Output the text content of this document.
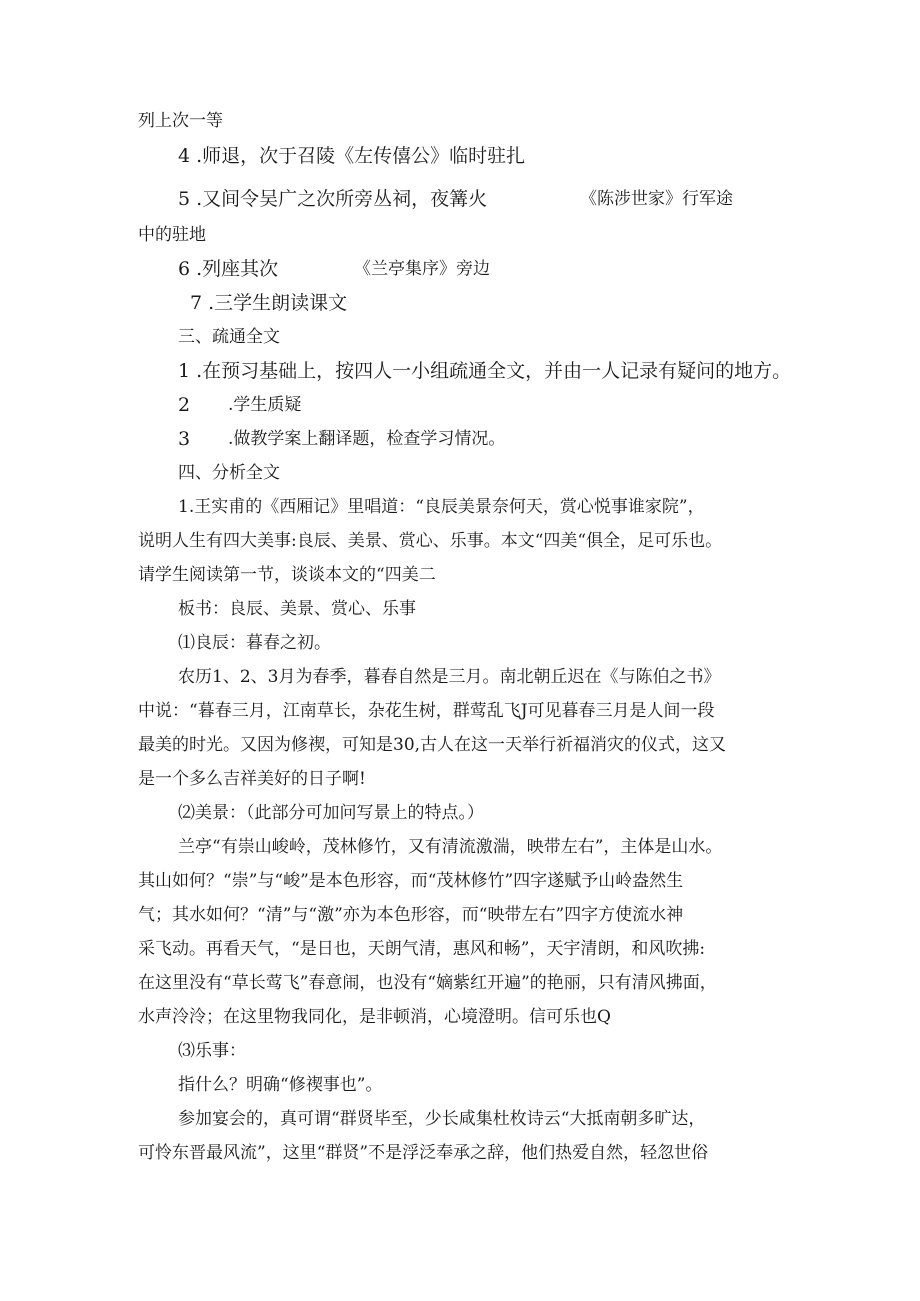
列上次一等
4 .师退，次于召陵《左传僖公》临时驻扎
5 .又间令吴广之次所旁丛祠，夜篝火	《陈涉世家》行军途
中的驻地
6 .列座其次	《兰亭集序》旁边
7 .三学生朗读课文
三、疏通全文
1 .在预习基础上，按四人一小组疏通全文，并由一人记录有疑问的地方。
2 .学生质疑
3 .做教学案上翻译题，检查学习情况。
四、分析全文
1.王实甫的《西厢记》里唱道：“良辰美景奈何天，赏心悦事谁家院”，
说明人生有四大美事:良辰、美景、赏心、乐事。本文“四美“俱全，足可乐也。
请学生阅读第一节，谈谈本文的“四美二
板书：良辰、美景、赏心、乐事
⑴良辰：暮春之初。
农历1、2、3月为春季，暮春自然是三月。南北朝丘迟在《与陈伯之书》
中说：“暮春三月，江南草长，杂花生树，群莺乱飞J可见暮春三月是人间一段
最美的时光。又因为修禊，可知是30,古人在这一天举行祈福消灾的仪式，这又
是一个多么吉祥美好的日子啊!
⑵美景：（此部分可加问写景上的特点。）
兰亭“有崇山峻岭，茂林修竹，又有清流激湍，映带左右”，主体是山水。
其山如何？“崇”与“峻”是本色形容，而“茂林修竹”四字遂赋予山岭盎然生
气；其水如何？“清”与“激”亦为本色形容，而“映带左右”四字方使流水神
采飞动。再看天气，“是日也，天朗气清，惠风和畅”，天宇清朗，和风吹拂:
在这里没有“草长莺飞”春意闹，也没有“嫡紫红开遍”的艳丽，只有清风拂面，
水声泠泠；在这里物我同化，是非顿消，心境澄明。信可乐也Q
⑶乐事：
指什么？明确“修禊事也”。
参加宴会的，真可谓“群贤毕至，少长咸集杜枚诗云“大抵南朝多旷达，
可怜东晋最风流”，这里“群贤”不是浮泛奉承之辞，他们热爱自然，轻忽世俗
